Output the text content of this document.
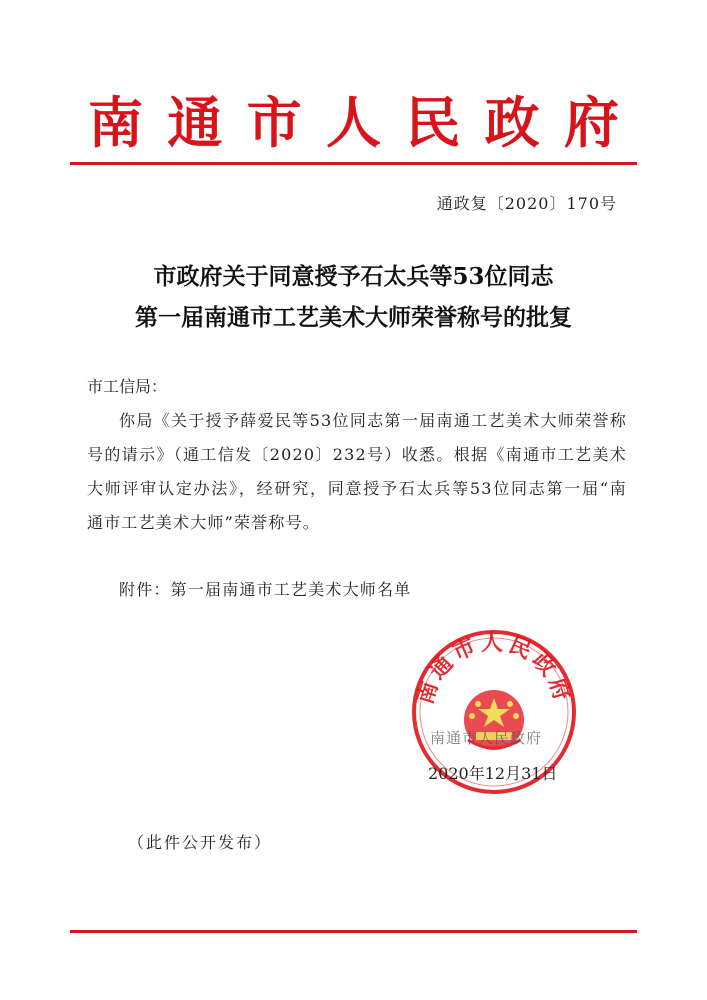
南 通 市 人 民 政 府
通政复〔2020〕170号
市政府关于同意授予石太兵等53位同志
第一届南通市工艺美术大师荣誉称号的批复
市工信局：

你局《关于授予薛爱民等53位同志第一届南通工艺美术大师荣誉称号的请示》（通工信发〔2020〕232号）收悉。根据《南通市工艺美术大师评审认定办法》，经研究，同意授予石太兵等53位同志第一届“南通市工艺美术大师”荣誉称号。

附件：第一届南通市工艺美术大师名单
南通市人民政府
南通市人民政府
2020年12月31日
（此件公开发布）
